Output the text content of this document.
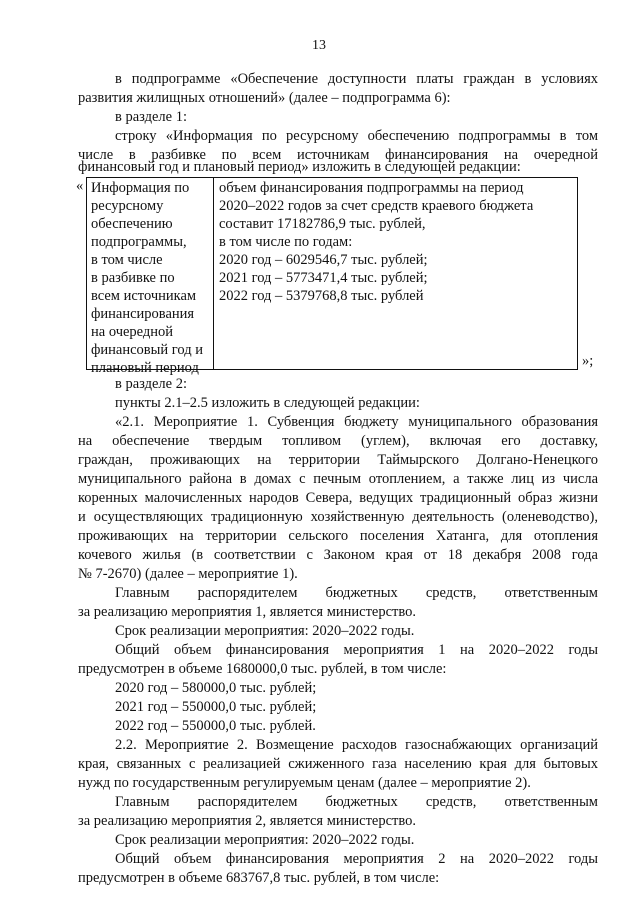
13
в подпрограмме «Обеспечение доступности платы граждан в условиях
развития жилищных отношений» (далее – подпрограмма 6):
в разделе 1:
строку «Информация по ресурсному обеспечению подпрограммы в том
числе в разбивке по всем источникам финансирования на очередной
финансовый год и плановый период» изложить в следующей редакции:
« Информация по
ресурсному
обеспечению
подпрограммы,
в том числе
в разбивке по
всем источникам
финансирования
на очередной
финансовый год и
плановый период
объем финансирования подпрограммы на период
2020–2022 годов за счет средств краевого бюджета
составит 17182786,9 тыс. рублей,
в том числе по годам:
2020 год – 6029546,7 тыс. рублей;
2021 год – 5773471,4 тыс. рублей;
2022 год – 5379768,8 тыс. рублей
»;
в разделе 2:
пункты 2.1–2.5 изложить в следующей редакции:
«2.1. Мероприятие 1. Субвенция бюджету муниципального образования
на обеспечение твердым топливом (углем), включая его доставку,
граждан, проживающих на территории Таймырского Долгано-Ненецкого
муниципального района в домах с печным отоплением, а также лиц из числа
коренных малочисленных народов Севера, ведущих традиционный образ жизни
и осуществляющих традиционную хозяйственную деятельность (оленеводство),
проживающих на территории сельского поселения Хатанга, для отопления
кочевого жилья (в соответствии с Законом края от 18 декабря 2008 года
№ 7-2670) (далее – мероприятие 1).
Главным распорядителем бюджетных средств, ответственным
за реализацию мероприятия 1, является министерство.
Срок реализации мероприятия: 2020–2022 годы.
Общий объем финансирования мероприятия 1 на 2020–2022 годы
предусмотрен в объеме 1680000,0 тыс. рублей, в том числе:
2020 год – 580000,0 тыс. рублей;
2021 год – 550000,0 тыс. рублей;
2022 год – 550000,0 тыс. рублей.
2.2. Мероприятие 2. Возмещение расходов газоснабжающих организаций
края, связанных с реализацией сжиженного газа населению края для бытовых
нужд по государственным регулируемым ценам (далее – мероприятие 2).
Главным распорядителем бюджетных средств, ответственным
за реализацию мероприятия 2, является министерство.
Срок реализации мероприятия: 2020–2022 годы.
Общий объем финансирования мероприятия 2 на 2020–2022 годы
предусмотрен в объеме 683767,8 тыс. рублей, в том числе:
